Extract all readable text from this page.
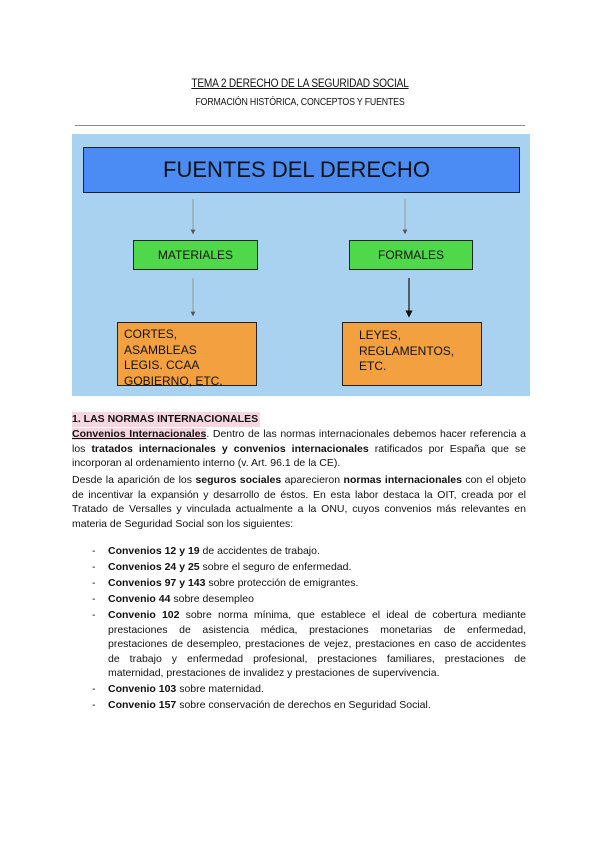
TEMA 2 DERECHO DE LA SEGURIDAD SOCIAL
FORMACIÓN HISTÓRICA, CONCEPTOS Y FUENTES
FUENTES DEL DERECHO
MATERIALES	FORMALES
CORTES, ASAMBLEAS
LEGIS. CCAA
GOBIERNO, ETC.
LEYES,
REGLAMENTOS,
ETC.
1. LAS NORMAS INTERNACIONALES
Convenios Internacionales. Dentro de las normas internacionales debemos hacer referencia a los tratados internacionales y convenios internacionales ratificados por España que se incorporan al ordenamiento interno (v. Art. 96.1 de la CE).
Desde la aparición de los seguros sociales aparecieron normas internacionales con el objeto de incentivar la expansión y desarrollo de éstos. En esta labor destaca la OIT, creada por el Tratado de Versalles y vinculada actualmente a la ONU, cuyos convenios más relevantes en materia de Seguridad Social son los siguientes:
- Convenios 12 y 19 de accidentes de trabajo.
- Convenios 24 y 25 sobre el seguro de enfermedad.
- Convenios 97 y 143 sobre protección de emigrantes.
- Convenio 44 sobre desempleo
- Convenio 102 sobre norma mínima, que establece el ideal de cobertura mediante prestaciones de asistencia médica, prestaciones monetarias de enfermedad, prestaciones de desempleo, prestaciones de vejez, prestaciones en caso de accidentes de trabajo y enfermedad profesional, prestaciones familiares, prestaciones de maternidad, prestaciones de invalidez y prestaciones de supervivencia.
- Convenio 103 sobre maternidad.
- Convenio 157 sobre conservación de derechos en Seguridad Social.
